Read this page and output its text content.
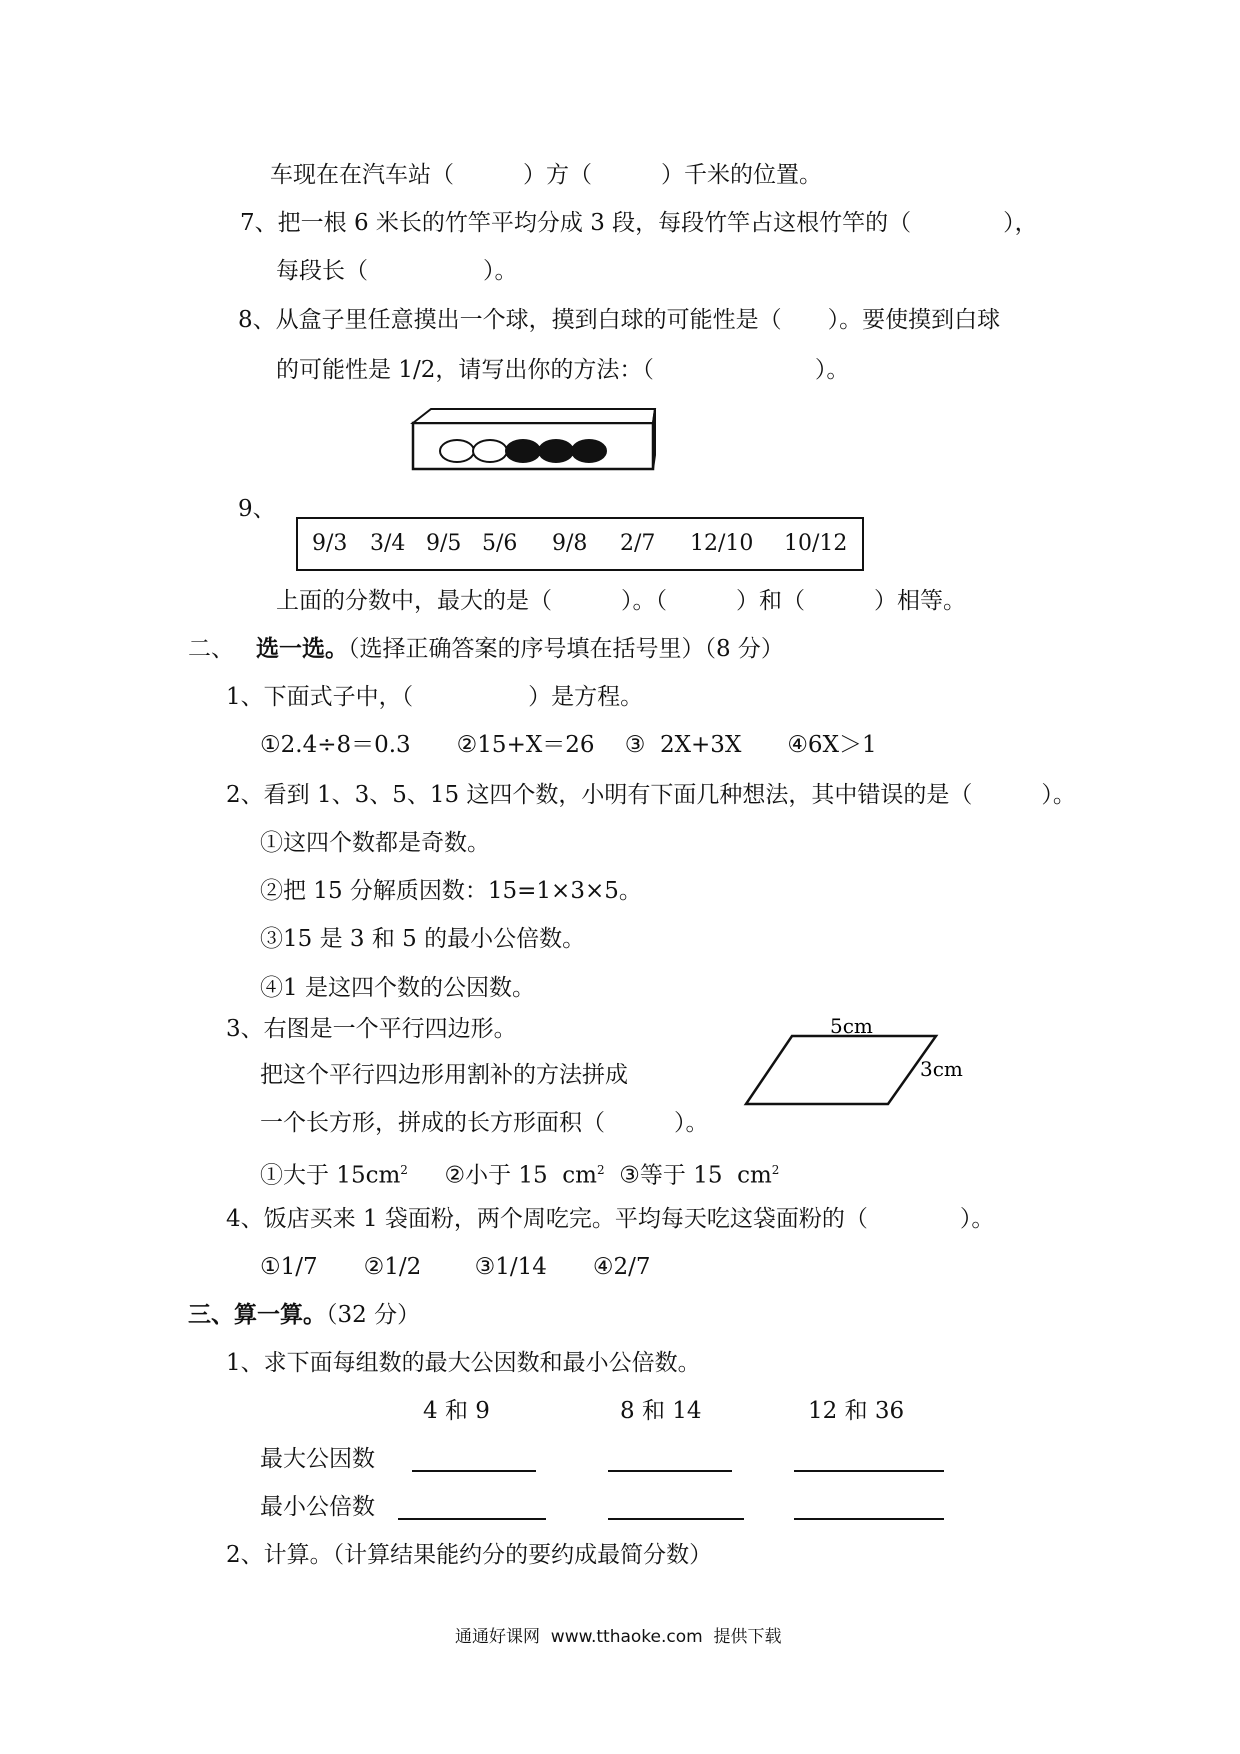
车现在在汽车站（　　　）方（　　　）千米的位置。
7、把一根 6 米长的竹竿平均分成 3 段，每段竹竿占这根竹竿的（　　　　），
每段长（　　　　　）。
8、从盒子里任意摸出一个球，摸到白球的可能性是（　　）。要使摸到白球
的可能性是 1/2，请写出你的方法：（　　　　　　　）。
9、
9/3 3/4 9/5 5/6 9/8 2/7 12/10 10/12
上面的分数中，最大的是（　　　）。（　　　）和（　　　）相等。
二、 选一选。（选择正确答案的序号填在括号里）（8 分）
1、下面式子中，（　　　　　）是方程。
①2.4÷8＝0.3　　②15+X＝26　 ③  2X+3X　　④6X＞1
2、看到 1、3、5、15 这四个数，小明有下面几种想法，其中错误的是（　　　）。
①这四个数都是奇数。
②把 15 分解质因数：15=1×3×5。
③15 是 3 和 5 的最小公倍数。
④1 是这四个数的公因数。
3、右图是一个平行四边形。
把这个平行四边形用割补的方法拼成
一个长方形，拼成的长方形面积（　　　）。
5cm
3cm
①大于 $15cm^2$ ②小于 15  $cm^2$ ③等于 15  $cm^2$
4、饭店买来 1 袋面粉，两个周吃完。平均每天吃这袋面粉的（　　　　）。
①1/7　　②1/2　　 ③1/14　　④2/7
三、算一算。（32 分）
1、求下面每组数的最大公因数和最小公倍数。
4 和 9	8 和 14	12 和 36
最大公因数
最小公倍数
2、计算。（计算结果能约分的要约成最简分数）
通通好课网  www.tthaoke.com  提供下载
